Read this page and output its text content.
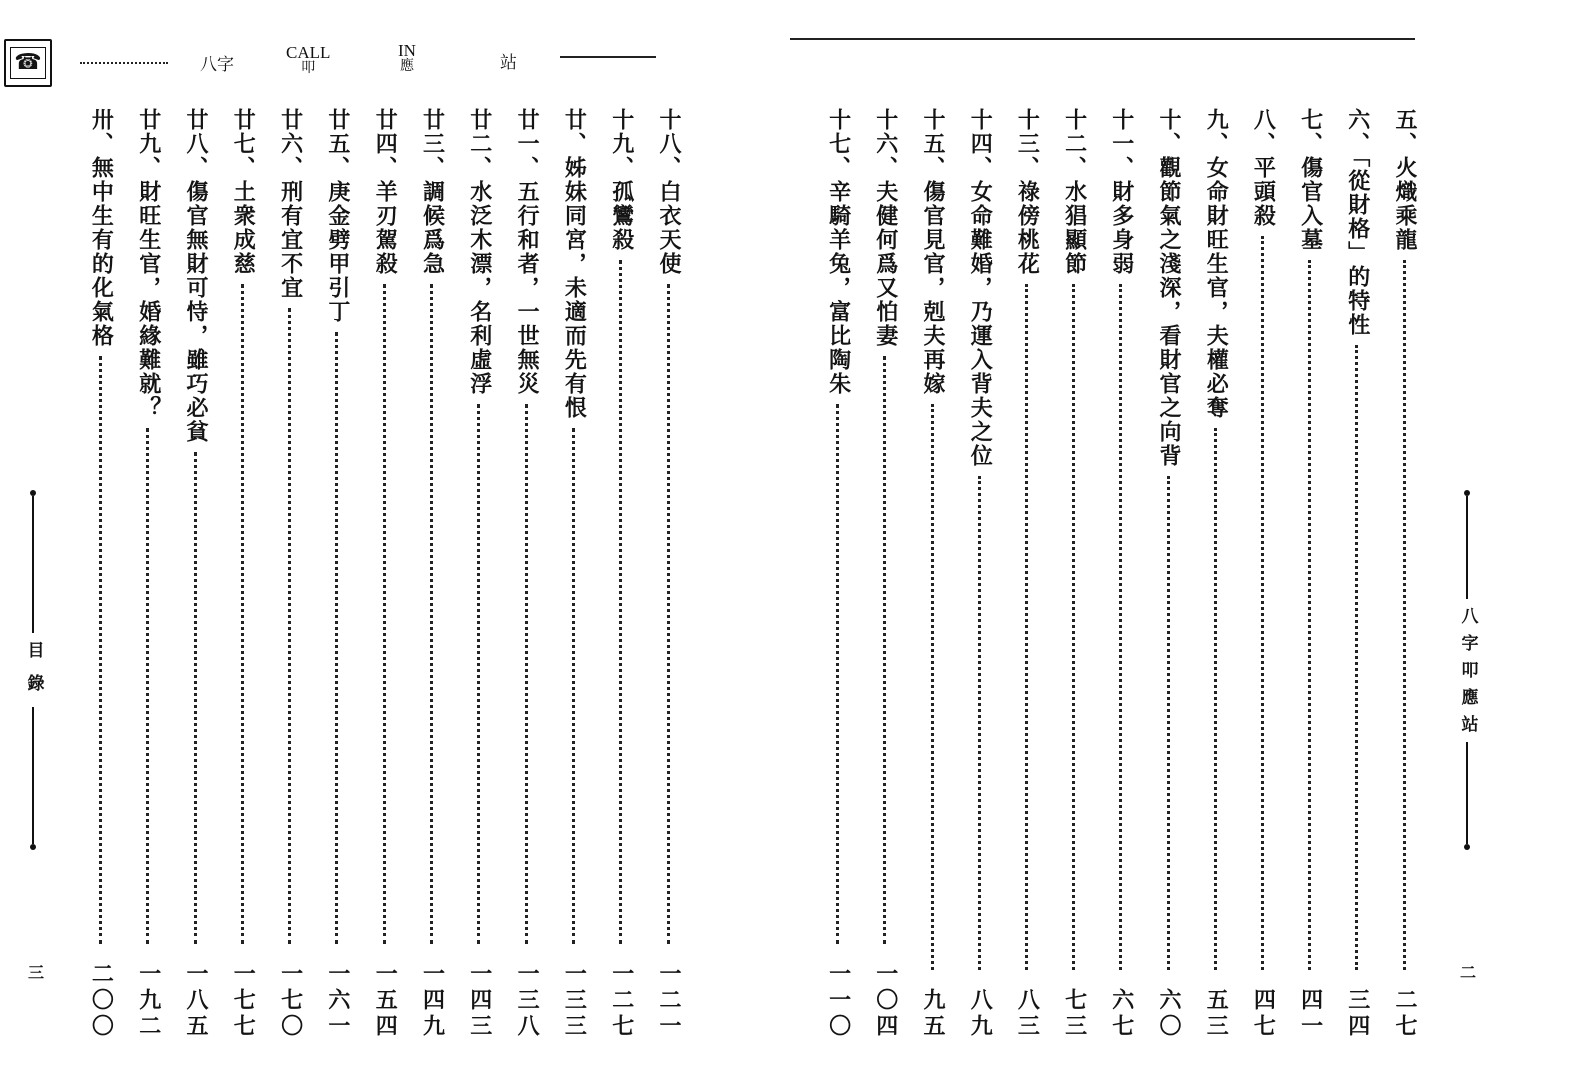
☎	八字
CALL
叩
IN
應	站
目錄
三
十八、白衣天使
一二一
十九、孤鸞殺
一二七
廿、姊妹同宮，未適而先有恨
一三三
廿一、五行和者，一世無災
一三八
廿二、水泛木漂，名利虛浮
一四三
廿三、調候爲急
一四九
廿四、羊刃駕殺
一五四
廿五、庚金劈甲引丁
一六一
廿六、刑有宜不宜
一七〇
廿七、土衆成慈
一七七
廿八、傷官無財可恃，雖巧必貧
一八五
廿九、財旺生官，婚緣難就？
一九二
卅、無中生有的化氣格
二〇〇
八字叩應站
二
五、火熾乘龍
二七
六、「從財格」的特性
三四
七、傷官入墓
四一
八、平頭殺
四七
九、女命財旺生官，夫權必奪
五三
十、觀節氣之淺深，看財官之向背
六〇
十一、財多身弱
六七
十二、水猖顯節
七三
十三、祿傍桃花
八三
十四、女命難婚，乃運入背夫之位
八九
十五、傷官見官，剋夫再嫁
九五
十六、夫健何爲又怕妻
一〇四
十七、辛騎羊兔，富比陶朱
一一〇
